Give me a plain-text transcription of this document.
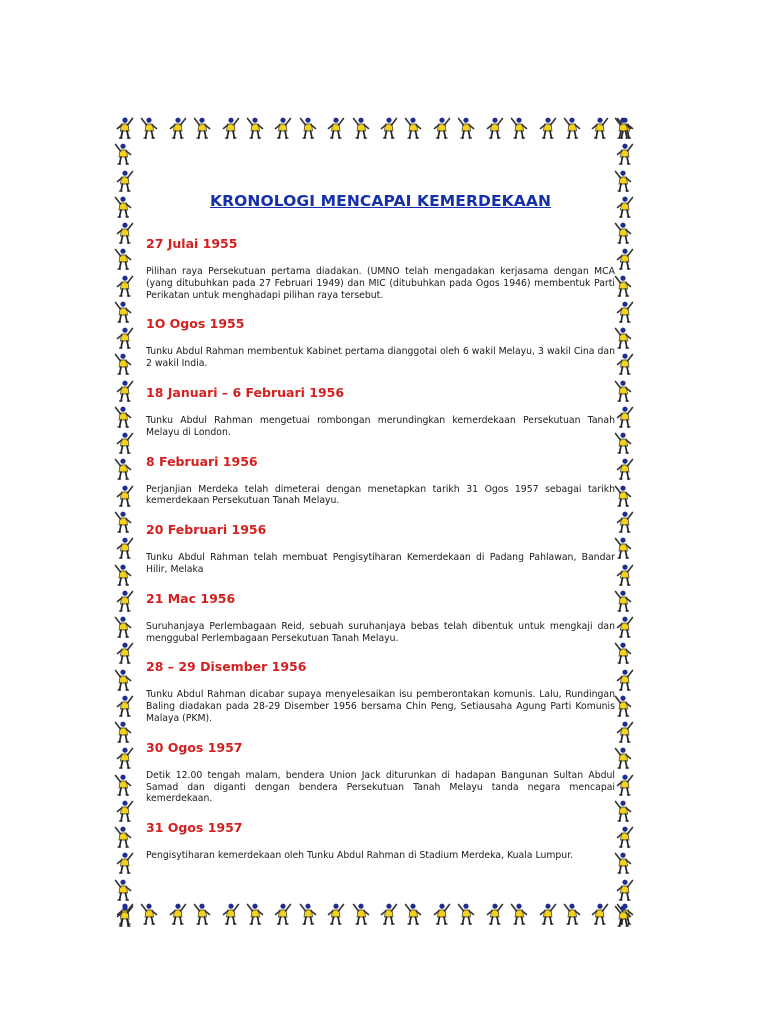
KRONOLOGI MENCAPAI KEMERDEKAAN
27 Julai 1955

Pilihan raya Persekutuan pertama diadakan. (UMNO telah mengadakan kerjasama dengan MCA (yang ditubuhkan pada 27 Februari 1949) dan MIC (ditubuhkan pada Ogos 1946) membentuk Parti Perikatan untuk menghadapi pilihan raya tersebut.

1O Ogos 1955

Tunku Abdul Rahman membentuk Kabinet pertama dianggotai oleh 6 wakil Melayu, 3 wakil Cina dan 2 wakil India.

18 Januari – 6 Februari 1956

Tunku Abdul Rahman mengetuai rombongan merundingkan kemerdekaan Persekutuan Tanah Melayu di London.

8 Februari 1956

Perjanjian Merdeka telah dimeterai dengan menetapkan tarikh 31 Ogos 1957 sebagai tarikh kemerdekaan Persekutuan Tanah Melayu.

20 Februari 1956

Tunku Abdul Rahman telah membuat Pengisytiharan Kemerdekaan di Padang Pahlawan, Bandar Hilir, Melaka

21 Mac 1956

Suruhanjaya Perlembagaan Reid, sebuah suruhanjaya bebas telah dibentuk untuk mengkaji dan menggubal Perlembagaan Persekutuan Tanah Melayu.

28 – 29 Disember 1956

Tunku Abdul Rahman dicabar supaya menyelesaikan isu pemberontakan komunis. Lalu, Rundingan Baling diadakan pada 28-29 Disember 1956 bersama Chin Peng, Setiausaha Agung Parti Komunis Malaya (PKM).

30 Ogos 1957

Detik 12.00 tengah malam, bendera Union Jack diturunkan di hadapan Bangunan Sultan Abdul Samad dan diganti dengan bendera Persekutuan Tanah Melayu tanda negara mencapai kemerdekaan.

31 Ogos 1957

Pengisytiharan kemerdekaan oleh Tunku Abdul Rahman di Stadium Merdeka, Kuala Lumpur.
